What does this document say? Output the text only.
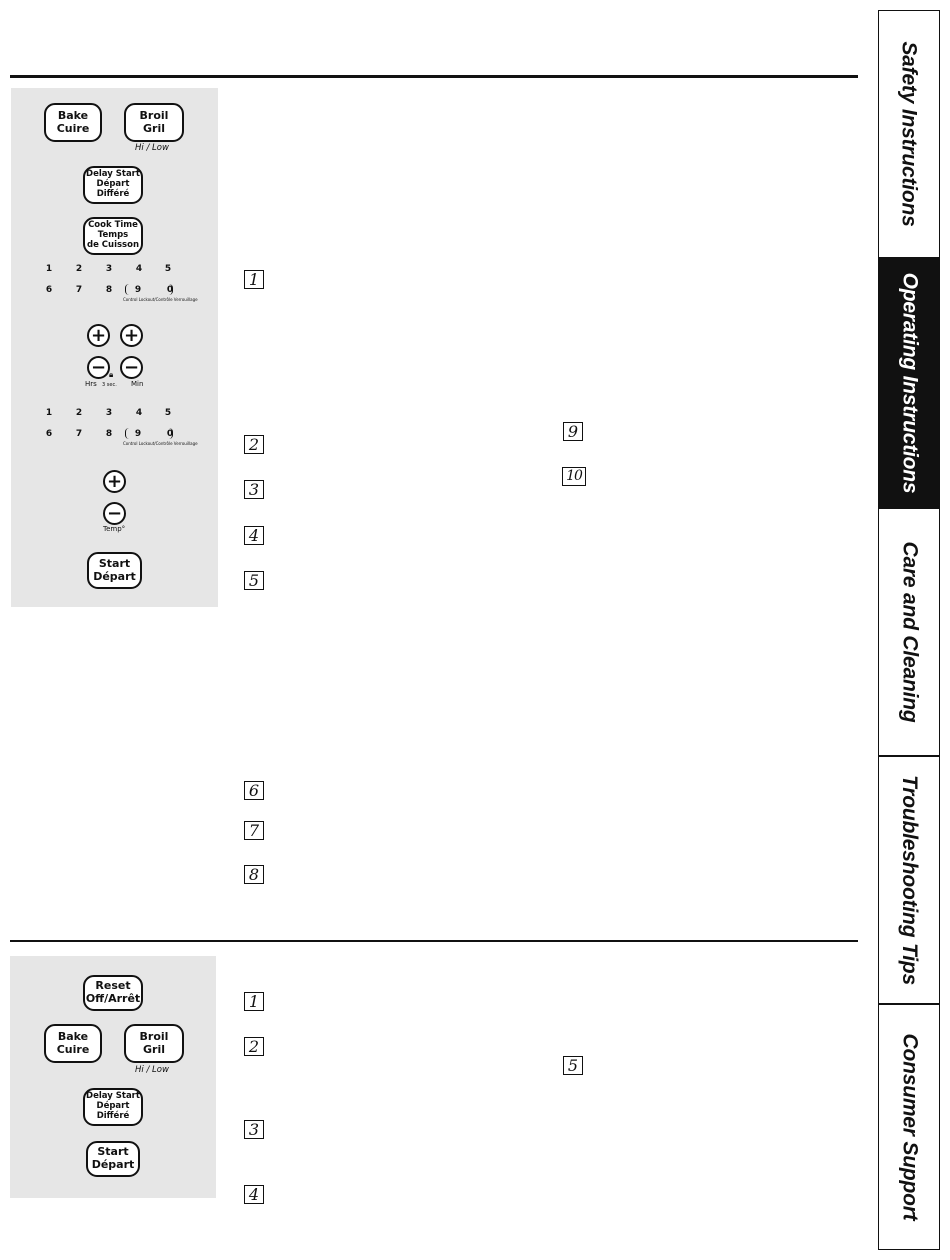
Bake
Cuire
Broil
Gril
Hi / Low
Delay Start
Départ
Différé
Cook Time
Temps
de Cuisson
1	2	3	4	5
6	7	8	9	0
Control Lockout/Contrôle Verrouillage
+ +
− −
Hrs
🔒︎
3 sec. Min
1	2	3	4	5
6	7	8	9	0
Control Lockout/Contrôle Verrouillage
+
−
Temp°
Start
Départ
1
2
3
4
5
6
7
8
9
10
Reset
Off/Arrêt
Bake
Cuire
Broil
Gril
Hi / Low
Delay Start
Départ
Différé
Start
Départ
1
2
3
4
5
Safety Instructions
Operating Instructions
Care and Cleaning
Troubleshooting Tips
Consumer Support
